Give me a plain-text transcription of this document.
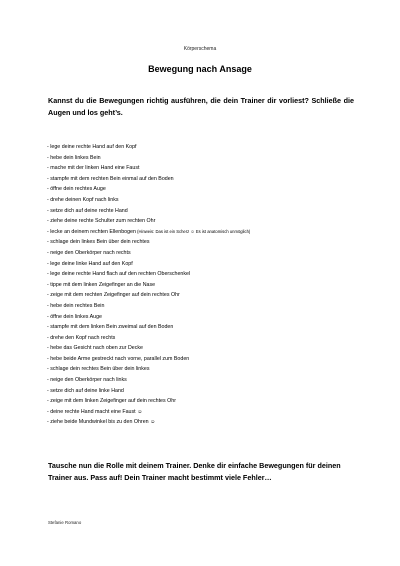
Körperschema
Bewegung nach Ansage
Kannst du die Bewegungen richtig ausführen, die dein Trainer dir vorliest? Schließe die Augen und los geht’s.
- lege deine rechte Hand auf den Kopf
- hebe dein linkes Bein
- mache mit der linken Hand eine Faust
- stampfe mit dem rechten Bein einmal auf den Boden
- öffne dein rechtes Auge
- drehe deinen Kopf nach links
- setze dich auf deine rechte Hand
- ziehe deine rechte Schulter zum rechten Ohr
- lecke an deinem rechten Ellenbogen (Hinweis: Das ist ein Scherz ☺ Es ist anatomisch unmöglich)
- schlage dein linkes Bein über dein rechtes
- neige den Oberkörper nach rechts
- lege deine linke Hand auf den Kopf
- lege deine rechte Hand flach auf den rechten Oberschenkel
- tippe mit dem linken Zeigefinger an die Nase
- zeige mit dem rechten Zeigefinger auf dein rechtes Ohr
- hebe dein rechtes Bein
- öffne dein linkes Auge
- stampfe mit dem linken Bein zweimal auf den Boden
- drehe den Kopf nach rechts
- hebe das Gesicht nach oben zur Decke
- hebe beide Arme gestreckt nach vorne, parallel zum Boden
- schlage dein rechtes Bein über dein linkes
- neige den Oberkörper nach links
- setze dich auf deine linke Hand
- zeige mit dem linken Zeigefinger auf dein rechtes Ohr
- deine rechte Hand macht eine Faust ☺
- ziehe beide Mundwinkel bis zu den Ohren ☺
Tausche nun die Rolle mit deinem Trainer. Denke dir einfache Bewegungen für deinen Trainer aus. Pass auf! Dein Trainer macht bestimmt viele Fehler…
Stefanie Romano
